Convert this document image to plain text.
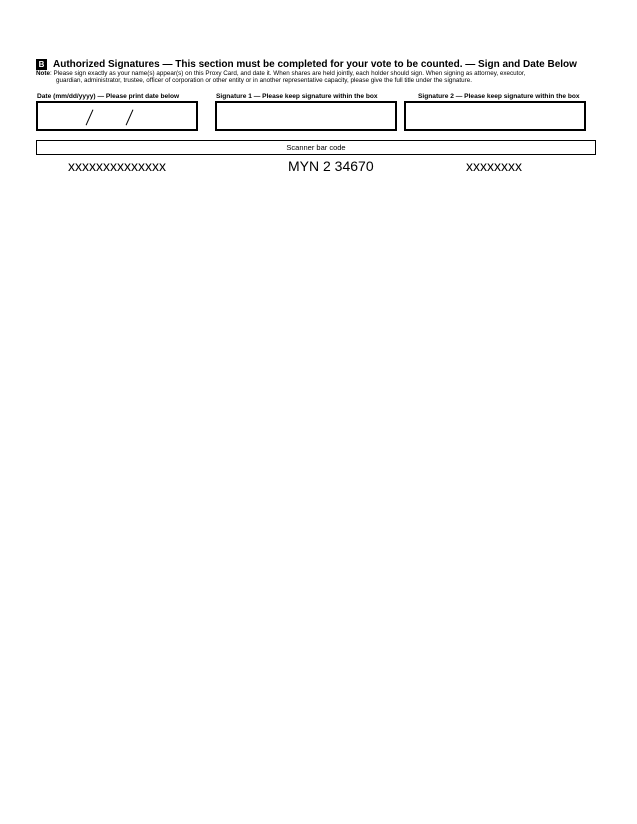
B Authorized Signatures — This section must be completed for your vote to be counted. — Sign and Date Below
Note: Please sign exactly as your name(s) appear(s) on this Proxy Card, and date it. When shares are held jointly, each holder should sign. When signing as attorney, executor,
guardian, administrator, trustee, officer of corporation or other entity or in another representative capacity, please give the full title under the signature.
Date (mm/dd/yyyy) — Please print date below	Signature 1 — Please keep signature within the box	Signature 2 — Please keep signature within the box
Scanner bar code
xxxxxxxxxxxxxx	MYN 2 34670	xxxxxxxx
